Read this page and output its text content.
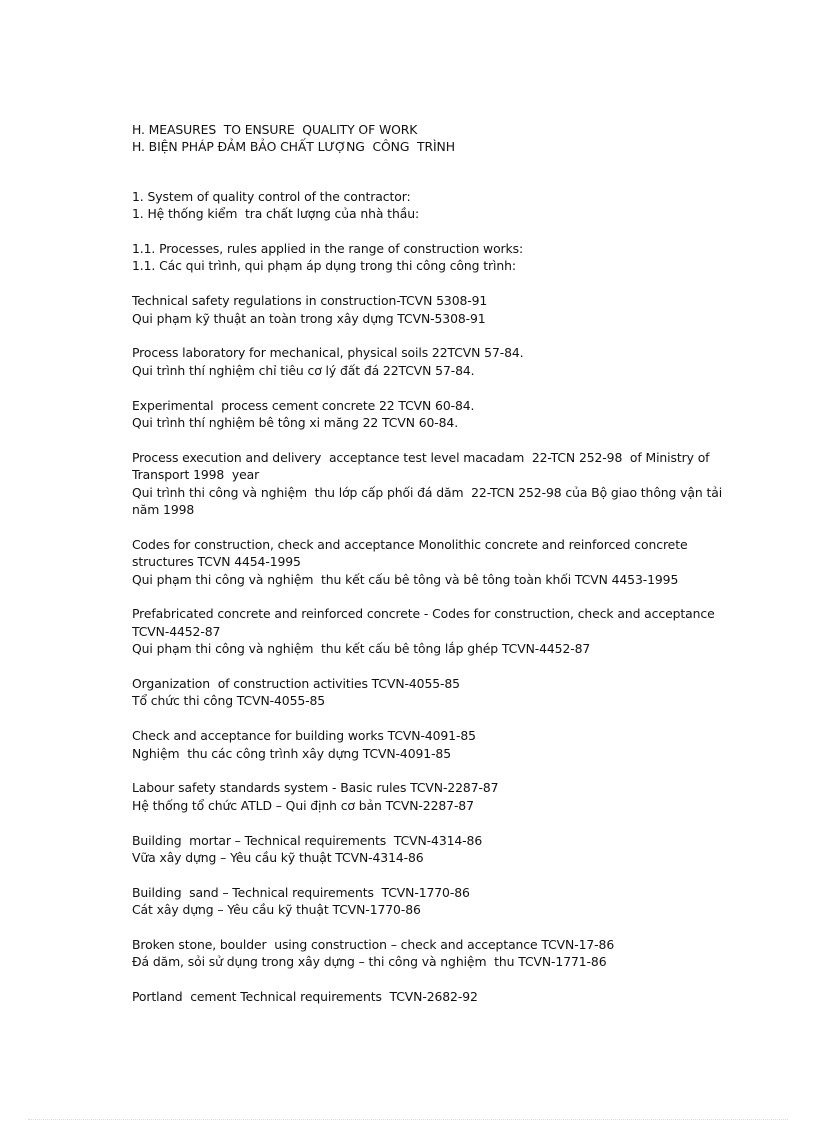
H. MEASURES  TO ENSURE  QUALITY OF WORK
H. BIỆN PHÁP ĐẢM BẢO CHẤT LƯỢNG  CÔNG  TRÌNH
1. System of quality control of the contractor:
1. Hệ thống kiểm  tra chất lượng của nhà thầu:
1.1. Processes, rules applied in the range of construction works:
1.1. Các qui trình, qui phạm áp dụng trong thi công công trình:
Technical safety regulations in construction-TCVN 5308-91
Qui phạm kỹ thuật an toàn trong xây dựng TCVN-5308-91
Process laboratory for mechanical, physical soils 22TCVN 57-84.
Qui trình thí nghiệm chỉ tiêu cơ lý đất đá 22TCVN 57-84.
Experimental  process cement concrete 22 TCVN 60-84.
Qui trình thí nghiệm bê tông xi măng 22 TCVN 60-84.
Process execution and delivery  acceptance test level macadam  22-TCN 252-98  of Ministry of Transport 1998  year
Qui trình thi công và nghiệm  thu lớp cấp phối đá dăm  22-TCN 252-98 của Bộ giao thông vận tải năm 1998
Codes for construction, check and acceptance Monolithic concrete and reinforced concrete structures TCVN 4454-1995
Qui phạm thi công và nghiệm  thu kết cấu bê tông và bê tông toàn khối TCVN 4453-1995
Prefabricated concrete and reinforced concrete - Codes for construction, check and acceptance TCVN-4452-87
Qui phạm thi công và nghiệm  thu kết cấu bê tông lắp ghép TCVN-4452-87
Organization  of construction activities TCVN-4055-85
Tổ chức thi công TCVN-4055-85
Check and acceptance for building works TCVN-4091-85
Nghiệm  thu các công trình xây dựng TCVN-4091-85
Labour safety standards system - Basic rules TCVN-2287-87
Hệ thống tổ chức ATLD – Qui định cơ bản TCVN-2287-87
Building  mortar – Technical requirements  TCVN-4314-86
Vữa xây dựng – Yêu cầu kỹ thuật TCVN-4314-86
Building  sand – Technical requirements  TCVN-1770-86
Cát xây dựng – Yêu cầu kỹ thuật TCVN-1770-86
Broken stone, boulder  using construction – check and acceptance TCVN-17-86
Đá dăm, sỏi sử dụng trong xây dựng – thi công và nghiệm  thu TCVN-1771-86
Portland  cement Technical requirements  TCVN-2682-92
